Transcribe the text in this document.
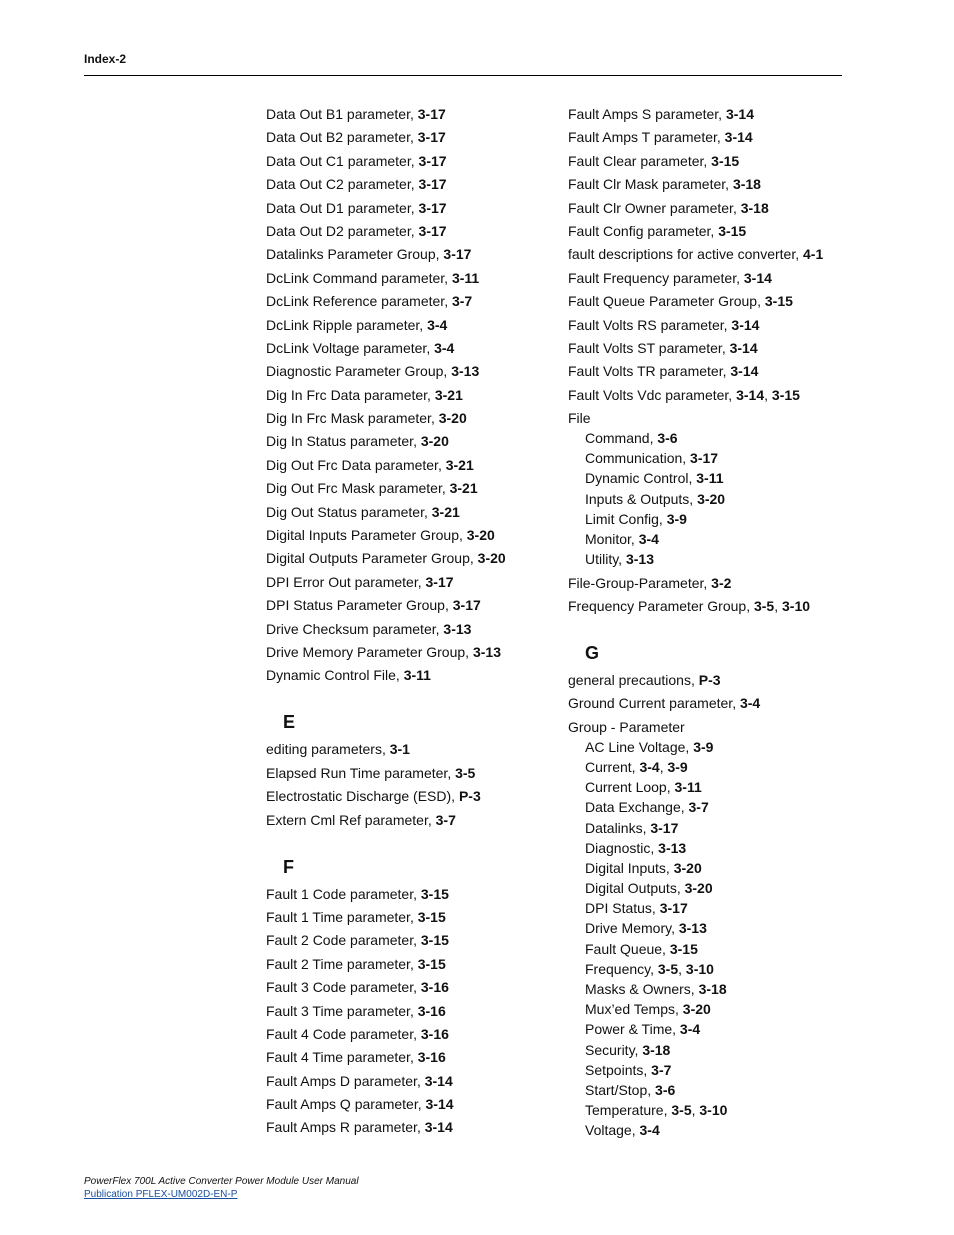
Index-2
Data Out B1 parameter, 3-17
Data Out B2 parameter, 3-17
Data Out C1 parameter, 3-17
Data Out C2 parameter, 3-17
Data Out D1 parameter, 3-17
Data Out D2 parameter, 3-17
Datalinks Parameter Group, 3-17
DcLink Command parameter, 3-11
DcLink Reference parameter, 3-7
DcLink Ripple parameter, 3-4
DcLink Voltage parameter, 3-4
Diagnostic Parameter Group, 3-13
Dig In Frc Data parameter, 3-21
Dig In Frc Mask parameter, 3-20
Dig In Status parameter, 3-20
Dig Out Frc Data parameter, 3-21
Dig Out Frc Mask parameter, 3-21
Dig Out Status parameter, 3-21
Digital Inputs Parameter Group, 3-20
Digital Outputs Parameter Group, 3-20
DPI Error Out parameter, 3-17
DPI Status Parameter Group, 3-17
Drive Checksum parameter, 3-13
Drive Memory Parameter Group, 3-13
Dynamic Control File, 3-11
E
editing parameters, 3-1
Elapsed Run Time parameter, 3-5
Electrostatic Discharge (ESD), P-3
Extern Cml Ref parameter, 3-7
F
Fault 1 Code parameter, 3-15
Fault 1 Time parameter, 3-15
Fault 2 Code parameter, 3-15
Fault 2 Time parameter, 3-15
Fault 3 Code parameter, 3-16
Fault 3 Time parameter, 3-16
Fault 4 Code parameter, 3-16
Fault 4 Time parameter, 3-16
Fault Amps D parameter, 3-14
Fault Amps Q parameter, 3-14
Fault Amps R parameter, 3-14
Fault Amps S parameter, 3-14
Fault Amps T parameter, 3-14
Fault Clear parameter, 3-15
Fault Clr Mask parameter, 3-18
Fault Clr Owner parameter, 3-18
Fault Config parameter, 3-15
fault descriptions for active converter, 4-1
Fault Frequency parameter, 3-14
Fault Queue Parameter Group, 3-15
Fault Volts RS parameter, 3-14
Fault Volts ST parameter, 3-14
Fault Volts TR parameter, 3-14
Fault Volts Vdc parameter, 3-14, 3-15
File
Command, 3-6
Communication, 3-17
Dynamic Control, 3-11
Inputs & Outputs, 3-20
Limit Config, 3-9
Monitor, 3-4
Utility, 3-13
File-Group-Parameter, 3-2
Frequency Parameter Group, 3-5, 3-10
G
general precautions, P-3
Ground Current parameter, 3-4
Group - Parameter
AC Line Voltage, 3-9
Current, 3-4, 3-9
Current Loop, 3-11
Data Exchange, 3-7
Datalinks, 3-17
Diagnostic, 3-13
Digital Inputs, 3-20
Digital Outputs, 3-20
DPI Status, 3-17
Drive Memory, 3-13
Fault Queue, 3-15
Frequency, 3-5, 3-10
Masks & Owners, 3-18
Mux’ed Temps, 3-20
Power & Time, 3-4
Security, 3-18
Setpoints, 3-7
Start/Stop, 3-6
Temperature, 3-5, 3-10
Voltage, 3-4
PowerFlex 700L Active Converter Power Module User Manual
Publication PFLEX-UM002D-EN-P
